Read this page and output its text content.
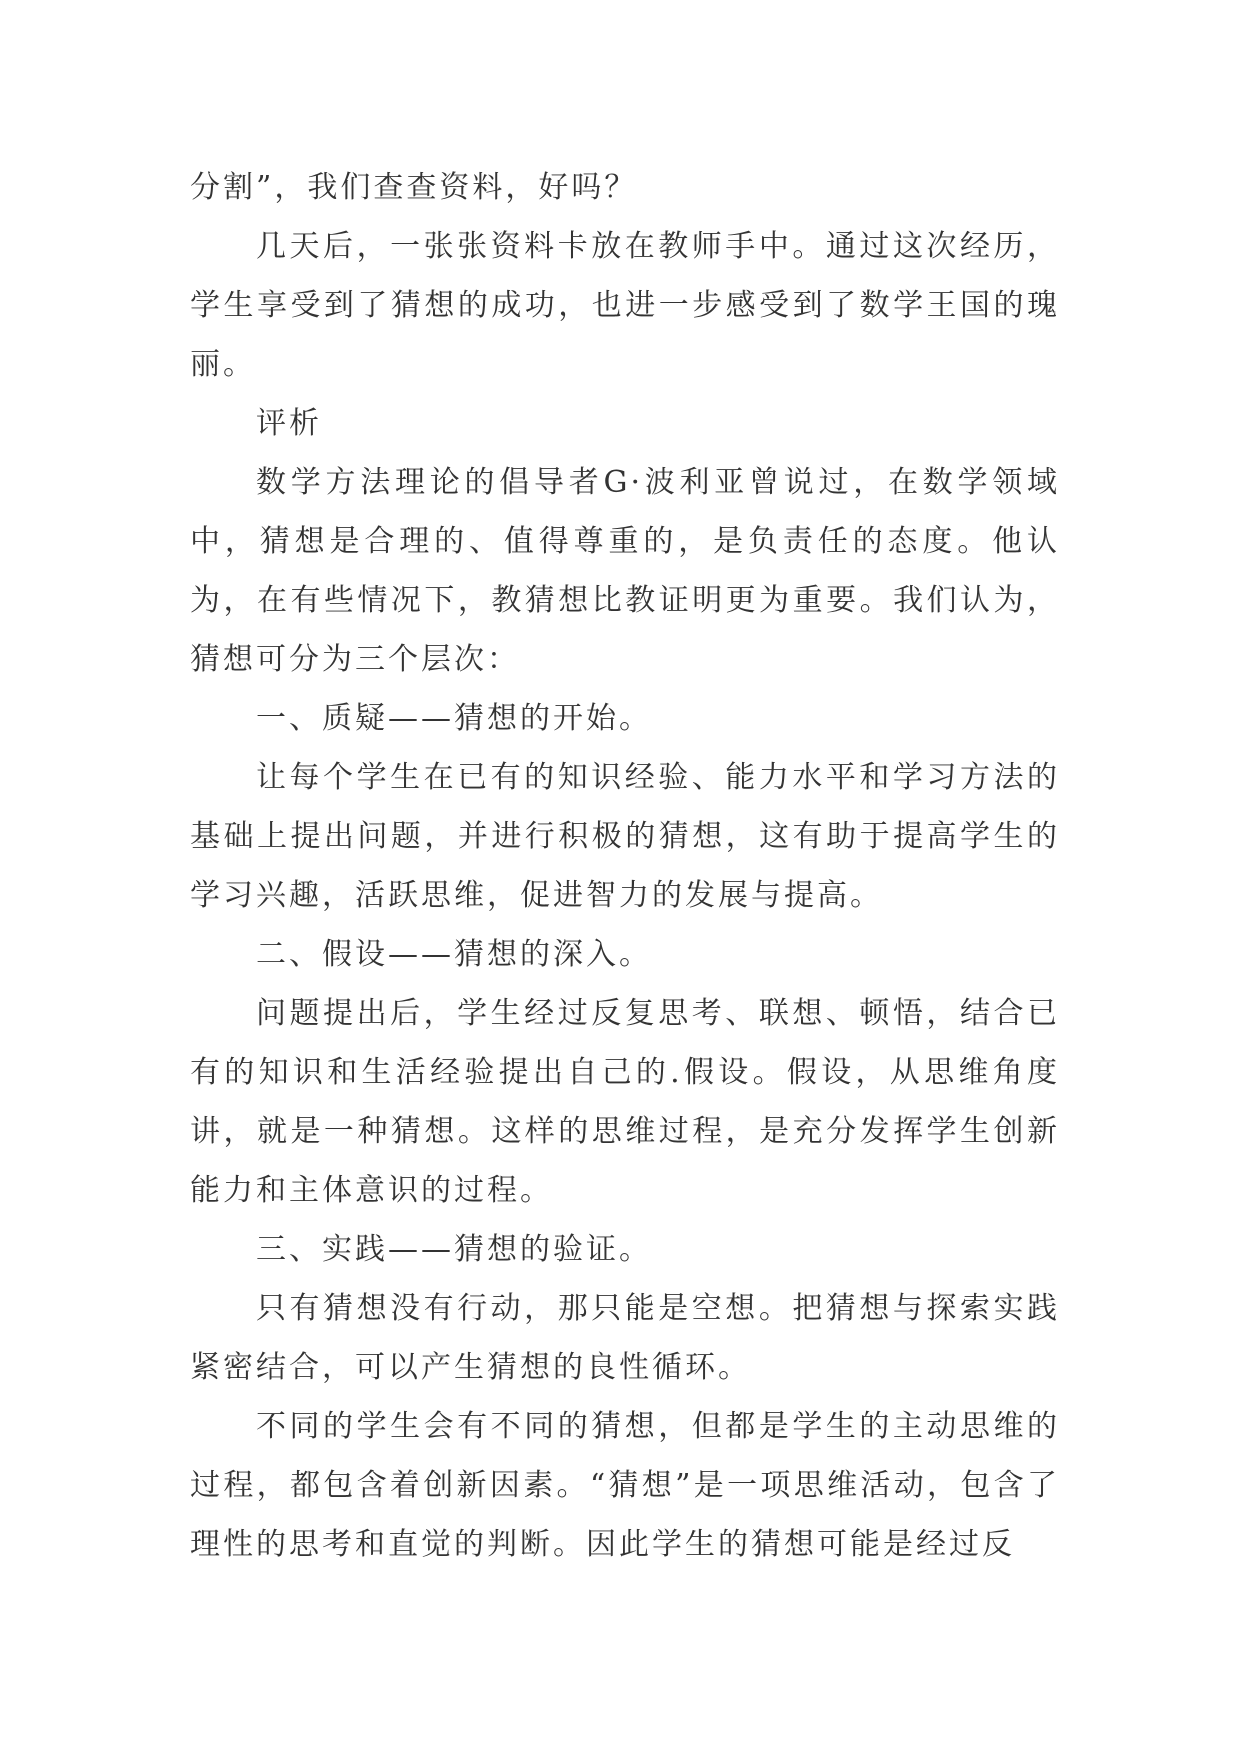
分割”，我们查查资料，好吗？

几天后，一张张资料卡放在教师手中。通过这次经历，学生享受到了猜想的成功，也进一步感受到了数学王国的瑰丽。

评析

数学方法理论的倡导者G·波利亚曾说过，在数学领域中，猜想是合理的、值得尊重的，是负责任的态度。他认为，在有些情况下，教猜想比教证明更为重要。我们认为，猜想可分为三个层次：

一、质疑——猜想的开始。

让每个学生在已有的知识经验、能力水平和学习方法的基础上提出问题，并进行积极的猜想，这有助于提高学生的学习兴趣，活跃思维，促进智力的发展与提高。

二、假设——猜想的深入。

问题提出后，学生经过反复思考、联想、顿悟，结合已有的知识和生活经验提出自己的.假设。假设，从思维角度讲，就是一种猜想。这样的思维过程，是充分发挥学生创新能力和主体意识的过程。

三、实践——猜想的验证。

只有猜想没有行动，那只能是空想。把猜想与探索实践紧密结合，可以产生猜想的良性循环。

不同的学生会有不同的猜想，但都是学生的主动思维的过程，都包含着创新因素。“猜想”是一项思维活动，包含了理性的思考和直觉的判断。因此学生的猜想可能是经过反
